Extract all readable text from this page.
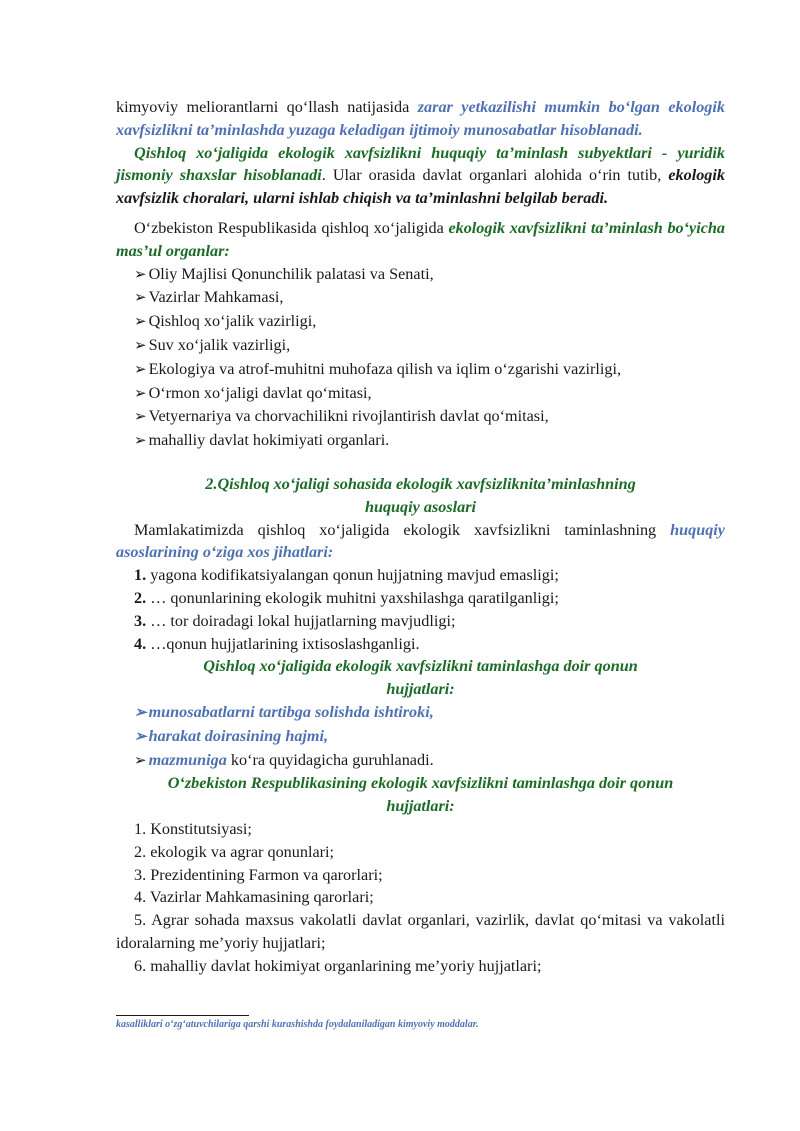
kimyoviy meliorantlarni qo‘llash natijasida zarar yetkazilishi mumkin bo‘lgan ekologik xavfsizlikni ta’minlashda yuzaga keladigan ijtimoiy munosabatlar hisoblanadi.

Qishloq xo‘jaligida ekologik xavfsizlikni huquqiy ta’minlash subyektlari - yuridik jismoniy shaxslar hisoblanadi. Ular orasida davlat organlari alohida o‘rin tutib, ekologik xavfsizlik choralari, ularni ishlab chiqish va ta’minlashni belgilab beradi.

O‘zbekiston Respublikasida qishloq xo‘jaligida ekologik xavfsizlikni ta’minlash bo‘yicha mas’ul organlar:

➢ Oliy Majlisi Qonunchilik palatasi va Senati,
➢ Vazirlar Mahkamasi,
➢ Qishloq xo‘jalik vazirligi,
➢ Suv xo‘jalik vazirligi,
➢ Ekologiya va atrof-muhitni muhofaza qilish va iqlim o‘zgarishi vazirligi,
➢ O‘rmon xo‘jaligi davlat qo‘mitasi,
➢ Vetyernariya va chorvachilikni rivojlantirish davlat qo‘mitasi,
➢ mahalliy davlat hokimiyati organlari.
2.Qishloq xo‘jaligi sohasida ekologik xavfsizliknita’minlashning
huquqiy asoslari

Mamlakatimizda qishloq xo‘jaligida ekologik xavfsizlikni taminlashning huquqiy asoslarining o‘ziga xos jihatlari:

1. yagona kodifikatsiyalangan qonun hujjatning mavjud emasligi;
2. … qonunlarining ekologik muhitni yaxshilashga qaratilganligi;
3. … tor doiradagi lokal hujjatlarning mavjudligi;
4. …qonun hujjatlarining ixtisoslashganligi.
Qishloq xo‘jaligida ekologik xavfsizlikni taminlashga doir qonun
hujjatlari:
➢ munosabatlarni tartibga solishda ishtiroki,
➢ harakat doirasining hajmi,
➢ mazmuniga ko‘ra quyidagicha guruhlanadi.
O‘zbekiston Respublikasining ekologik xavfsizlikni taminlashga doir qonun
hujjatlari:

1. Konstitutsiyasi;

2. ekologik va agrar qonunlari;

3. Prezidentining Farmon va qarorlari;

4. Vazirlar Mahkamasining qarorlari;

5. Agrar sohada maxsus vakolatli davlat organlari, vazirlik, davlat qo‘mitasi va vakolatli idoralarning me’yoriy hujjatlari;

6. mahalliy davlat hokimiyat organlarining me’yoriy hujjatlari;

kasalliklari o‘zg‘atuvchilariga qarshi kurashishda foydalaniladigan kimyoviy moddalar.
